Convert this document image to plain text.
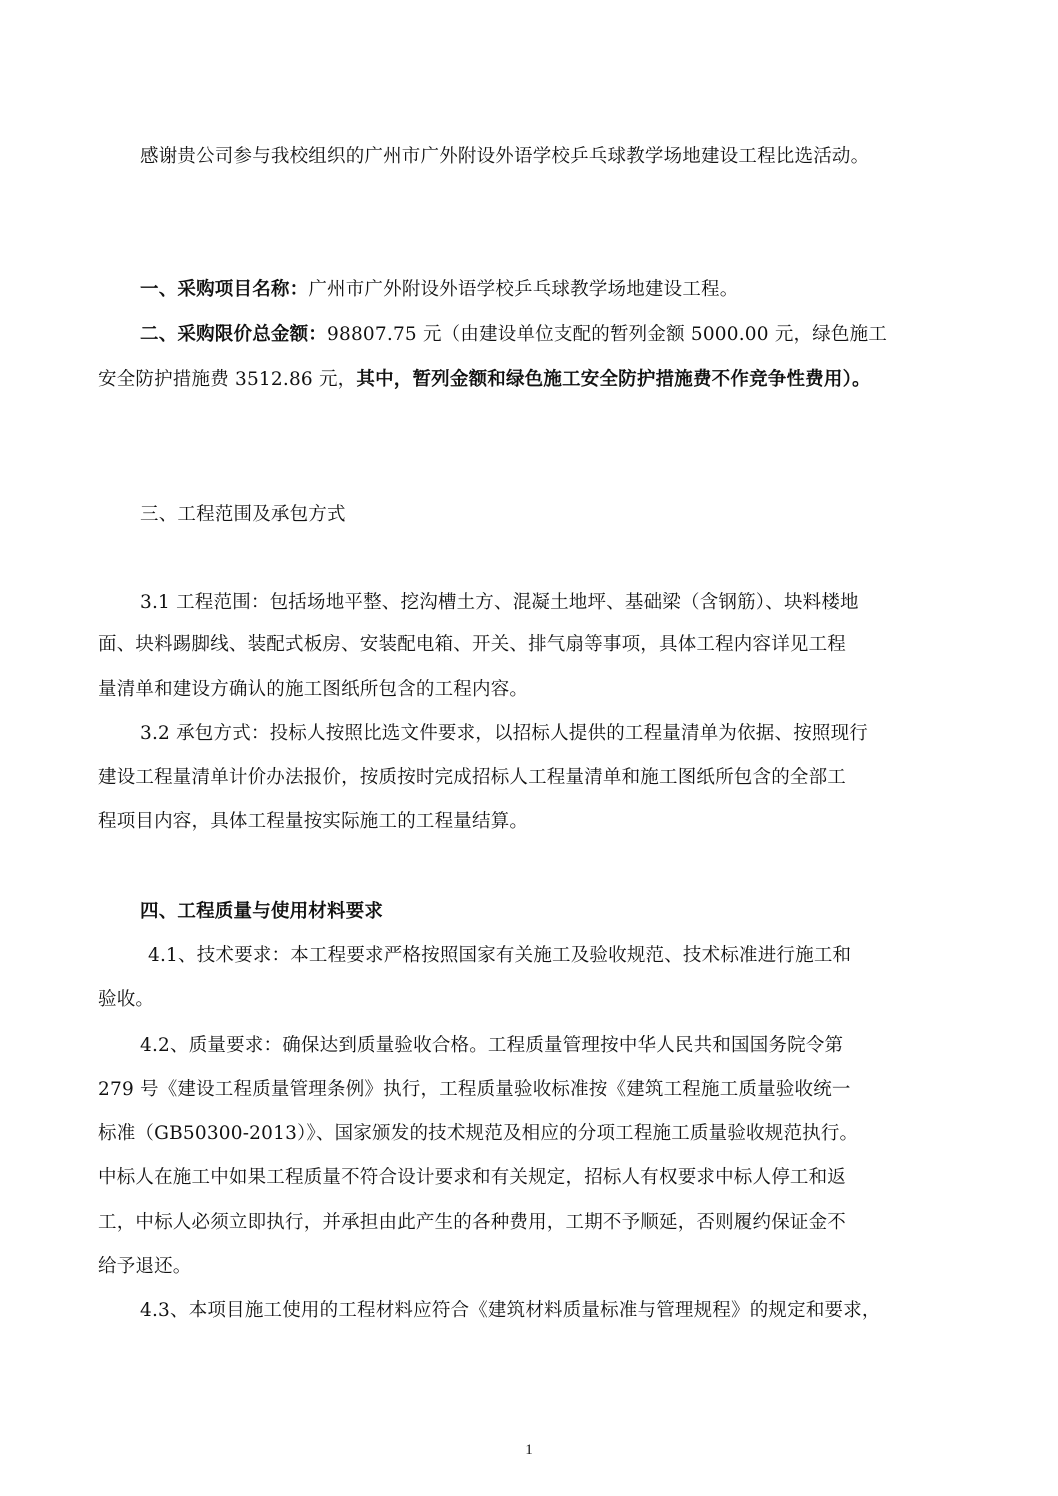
感谢贵公司参与我校组织的广州市广外附设外语学校乒乓球教学场地建设工程比选活动。
一、采购项目名称：广州市广外附设外语学校乒乓球教学场地建设工程。
二、采购限价总金额：98807.75 元（由建设单位支配的暂列金额 5000.00 元，绿色施工
安全防护措施费 3512.86 元，其中，暂列金额和绿色施工安全防护措施费不作竞争性费用）。
三、工程范围及承包方式
3.1 工程范围：包括场地平整、挖沟槽土方、混凝土地坪、基础梁（含钢筋）、块料楼地
面、块料踢脚线、装配式板房、安装配电箱、开关、排气扇等事项，具体工程内容详见工程
量清单和建设方确认的施工图纸所包含的工程内容。
3.2 承包方式：投标人按照比选文件要求，以招标人提供的工程量清单为依据、按照现行
建设工程量清单计价办法报价，按质按时完成招标人工程量清单和施工图纸所包含的全部工
程项目内容，具体工程量按实际施工的工程量结算。
四、工程质量与使用材料要求
4.1、技术要求：本工程要求严格按照国家有关施工及验收规范、技术标准进行施工和
验收。
4.2、质量要求：确保达到质量验收合格。工程质量管理按中华人民共和国国务院令第
279 号《建设工程质量管理条例》执行，工程质量验收标准按《建筑工程施工质量验收统一
标准（GB50300-2013）》、国家颁发的技术规范及相应的分项工程施工质量验收规范执行。
中标人在施工中如果工程质量不符合设计要求和有关规定，招标人有权要求中标人停工和返
工，中标人必须立即执行，并承担由此产生的各种费用，工期不予顺延，否则履约保证金不
给予退还。
4.3、本项目施工使用的工程材料应符合《建筑材料质量标准与管理规程》的规定和要求，
1
